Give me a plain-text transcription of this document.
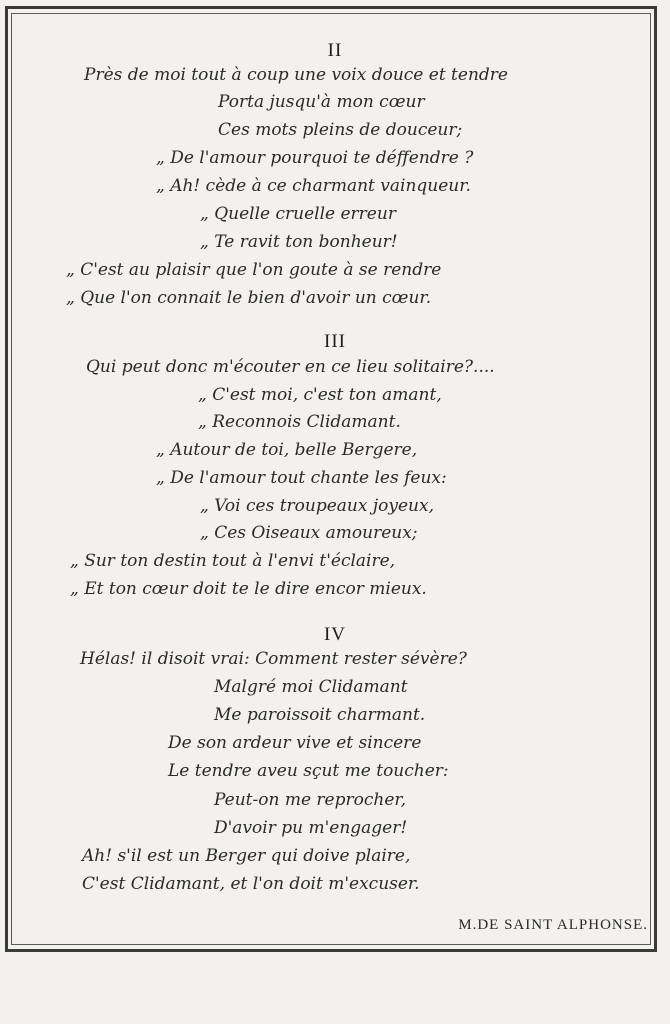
II
Près de moi tout à coup une voix douce et tendre
Porta jusqu'à mon cœur
Ces mots pleins de douceur;
„ De l'amour pourquoi te déffendre ?
„ Ah! cède à ce charmant vainqueur.
„ Quelle cruelle erreur
„ Te ravit ton bonheur!
„ C'est au plaisir que l'on goute à se rendre
„ Que l'on connait le bien d'avoir un cœur.
III
Qui peut donc m'écouter en ce lieu solitaire?....
„ C'est moi, c'est ton amant,
„ Reconnois Clidamant.
„ Autour de toi, belle Bergere,
„ De l'amour tout chante les feux:
„ Voi ces troupeaux joyeux,
„ Ces Oiseaux amoureux;
„ Sur ton destin tout à l'envi t'éclaire,
„ Et ton cœur doit te le dire encor mieux.
IV
Hélas! il disoit vrai: Comment rester sévère?
Malgré moi Clidamant
Me paroissoit charmant.
De son ardeur vive et sincere
Le tendre aveu sçut me toucher:
Peut-on me reprocher,
D'avoir pu m'engager!
Ah! s'il est un Berger qui doive plaire,
C'est Clidamant, et l'on doit m'excuser.
M.DE SAINT ALPHONSE.
